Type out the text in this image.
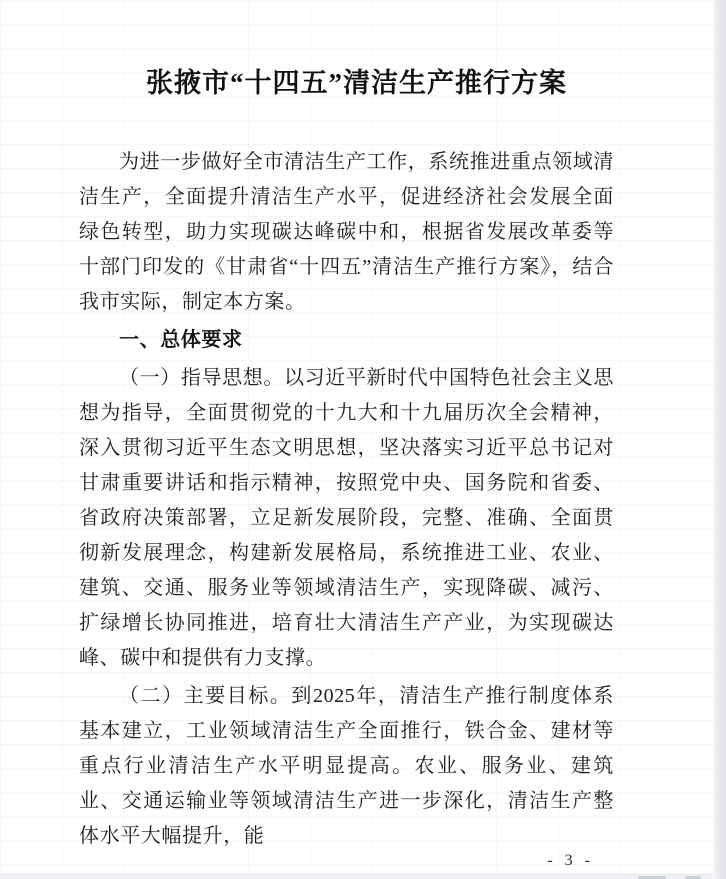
张掖市“十四五”清洁生产推行方案

为进一步做好全市清洁生产工作，系统推进重点领域清洁生产，全面提升清洁生产水平，促进经济社会发展全面绿色转型，助力实现碳达峰碳中和，根据省发展改革委等十部门印发的《甘肃省“十四五”清洁生产推行方案》，结合我市实际，制定本方案。

一、总体要求

（一）指导思想。以习近平新时代中国特色社会主义思想为指导，全面贯彻党的十九大和十九届历次全会精神，深入贯彻习近平生态文明思想，坚决落实习近平总书记对甘肃重要讲话和指示精神，按照党中央、国务院和省委、省政府决策部署，立足新发展阶段，完整、准确、全面贯彻新发展理念，构建新发展格局，系统推进工业、农业、建筑、交通、服务业等领域清洁生产，实现降碳、减污、扩绿增长协同推进，培育壮大清洁生产产业，为实现碳达峰、碳中和提供有力支撑。

（二）主要目标。到2025年，清洁生产推行制度体系基本建立，工业领域清洁生产全面推行，铁合金、建材等重点行业清洁生产水平明显提高。农业、服务业、建筑业、交通运输业等领域清洁生产进一步深化，清洁生产整体水平大幅提升，能

- 3 -
